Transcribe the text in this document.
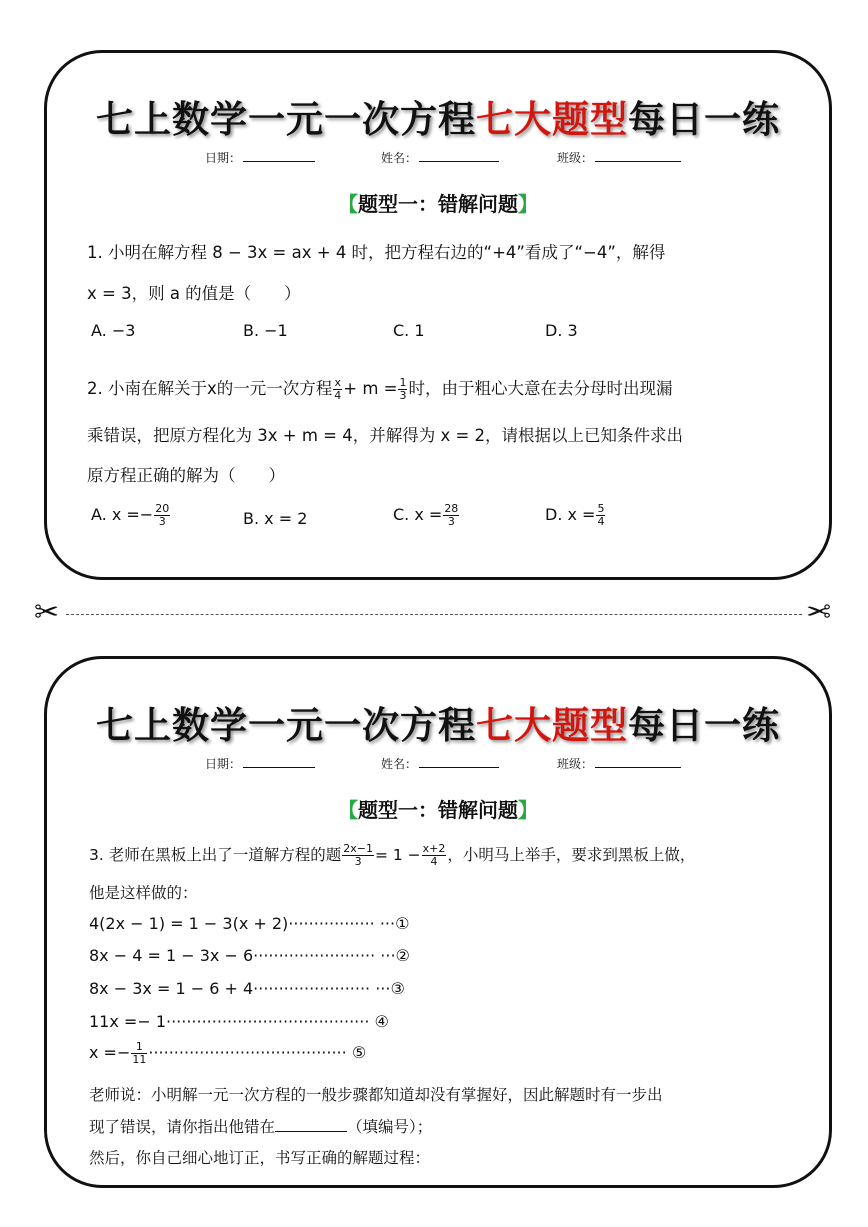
七上数学一元一次方程七大题型每日一练
日期：	姓名：	班级：
【题型一：错解问题】
1. 小明在解方程 8 − 3x = ax + 4 时，把方程右边的“+4”看成了“−4”，解得
x = 3，则 a 的值是（　　）
A. −3	B. −1	C. 1	D. 3
2. 小南在解关于x的一元一次方程 $\frac{x}{4} + m = \frac{1}{3}$ 时，由于粗心大意在去分母时出现漏
乘错误，把原方程化为 3x + m = 4，并解得为 x = 2，请根据以上已知条件求出
原方程正确的解为（　　）
A. $x =- \frac{20}{3}$	B. x = 2	C. $x = \frac{28}{3}$	D. $x = \frac{5}{4}$
✂	✂
七上数学一元一次方程七大题型每日一练
日期：	姓名：	班级：
【题型一：错解问题】
3. 老师在黑板上出了一道解方程的题 $\frac{2x-1}{3} = 1 - \frac{x+2}{4}$ ，小明马上举手，要求到黑板上做，
他是这样做的：
4(2x − 1) = 1 − 3(x + 2)················· ···①
8x − 4 = 1 − 3x − 6························ ···②
8x − 3x = 1 − 6 + 4······················· ···③
11x =− 1········································ ④
$x =- \frac{1}{11}$ ······································· ⑤
老师说：小明解一元一次方程的一般步骤都知道却没有掌握好，因此解题时有一步出
现了错误，请你指出他错在	（填编号）；
然后，你自己细心地订正，书写正确的解题过程：
